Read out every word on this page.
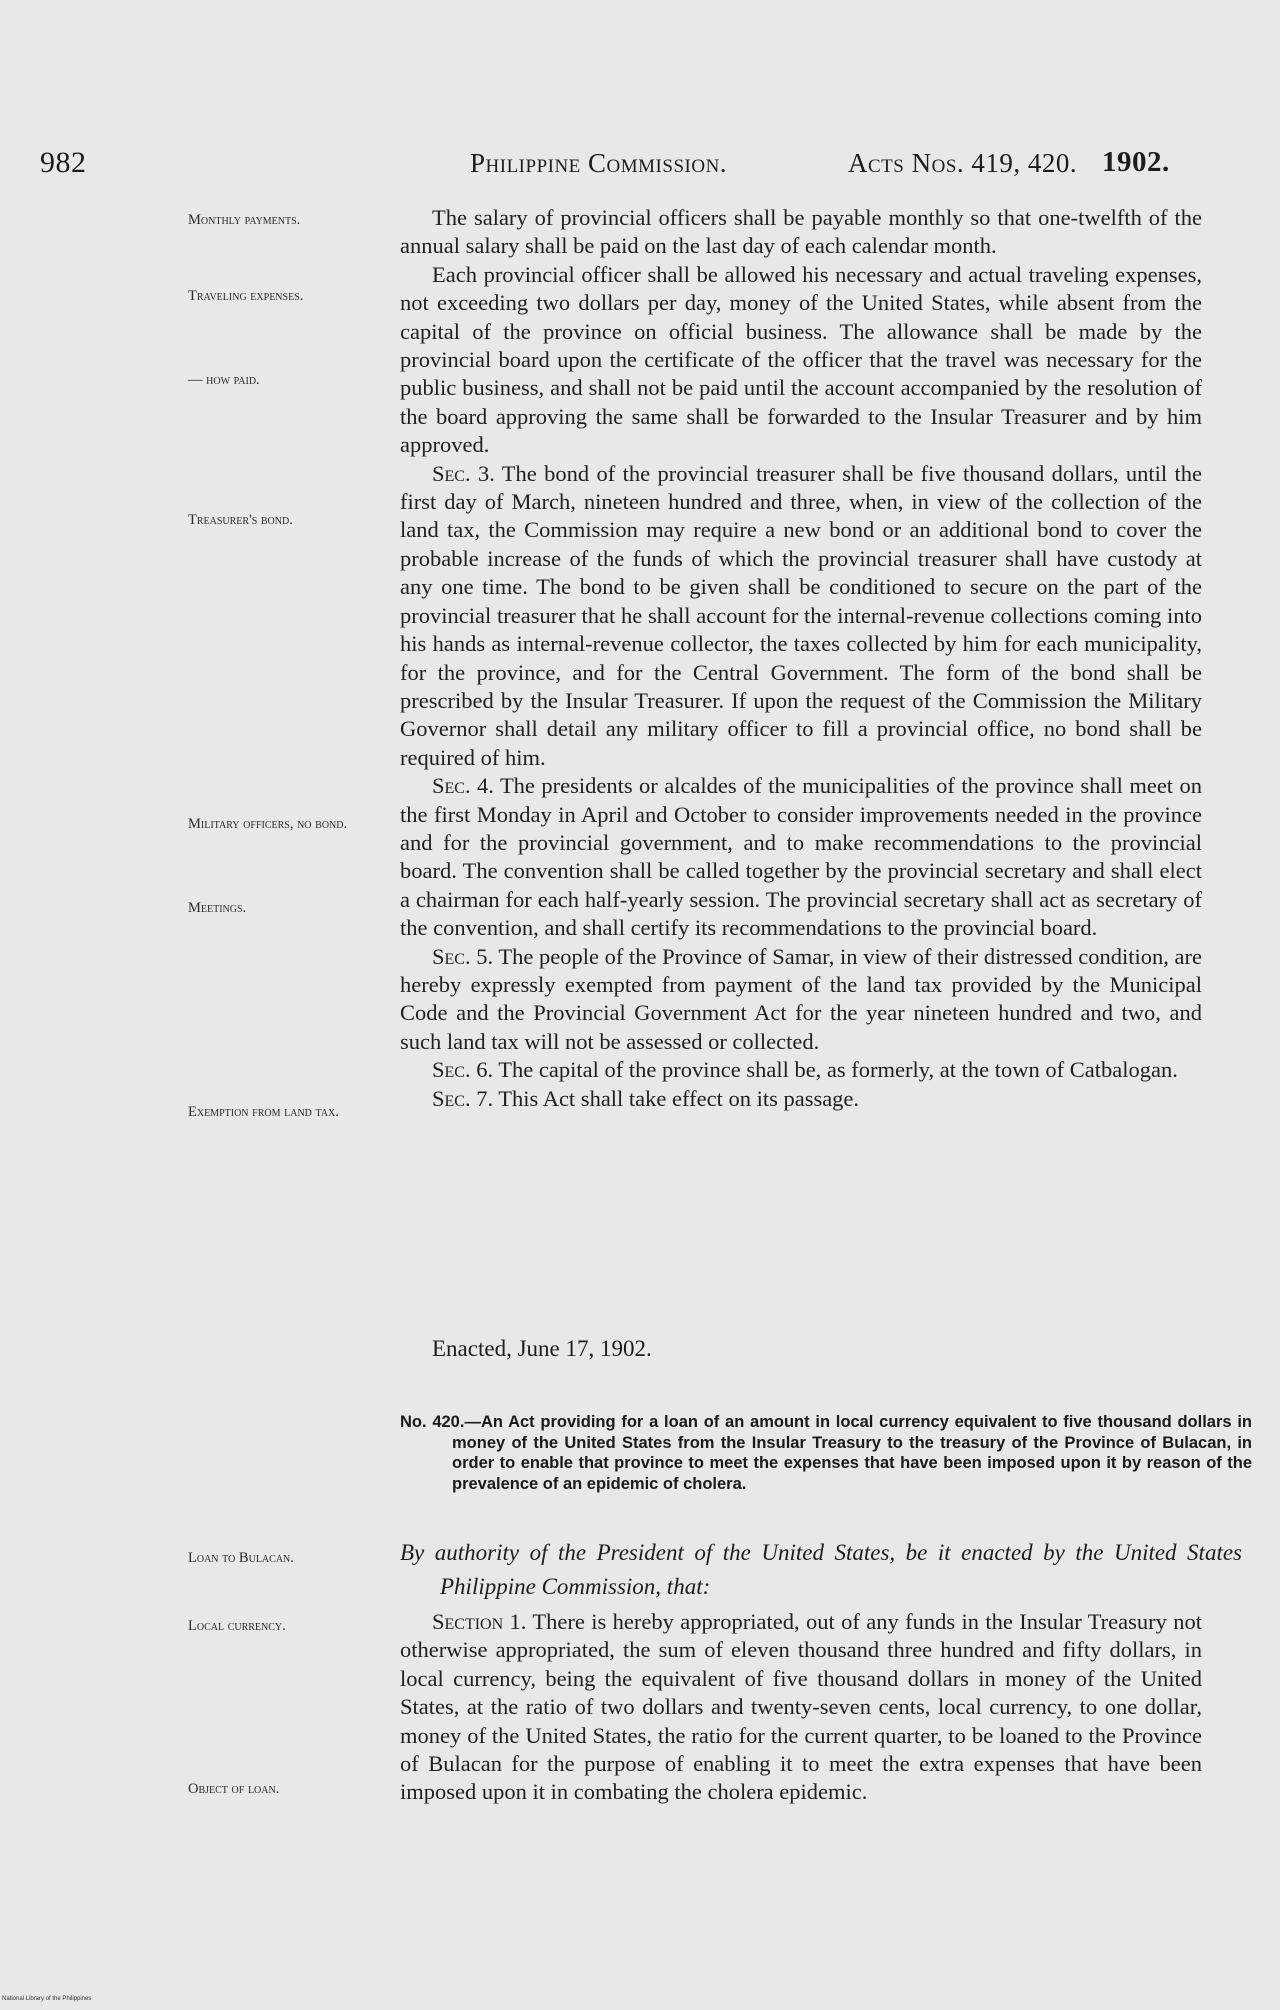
982	Philippine Commission.	Acts Nos. 419, 420. 1902.
Monthly payments.
Traveling expenses.
— how paid.
Treasurer's bond.
Military officers, no bond.
Meetings.
Exemption from land tax.
Loan to Bulacan.
Local currency.
Object of loan.

The salary of provincial officers shall be payable monthly so that one-twelfth of the annual salary shall be paid on the last day of each calendar month.

Each provincial officer shall be allowed his necessary and actual traveling expenses, not exceeding two dollars per day, money of the United States, while absent from the capital of the province on official business. The allowance shall be made by the provincial board upon the certificate of the officer that the travel was necessary for the public business, and shall not be paid until the account accompanied by the resolution of the board approving the same shall be forwarded to the Insular Treasurer and by him approved.

Sec. 3. The bond of the provincial treasurer shall be five thousand dollars, until the first day of March, nineteen hundred and three, when, in view of the collection of the land tax, the Commission may require a new bond or an additional bond to cover the probable increase of the funds of which the provincial treasurer shall have custody at any one time. The bond to be given shall be conditioned to secure on the part of the provincial treasurer that he shall account for the internal-revenue collections coming into his hands as internal-revenue collector, the taxes collected by him for each municipality, for the province, and for the Central Government. The form of the bond shall be prescribed by the Insular Treasurer. If upon the request of the Commission the Military Governor shall detail any military officer to fill a provincial office, no bond shall be required of him.

Sec. 4. The presidents or alcaldes of the municipalities of the province shall meet on the first Monday in April and October to consider improvements needed in the province and for the provincial government, and to make recommendations to the provincial board. The convention shall be called together by the provincial secretary and shall elect a chairman for each half-yearly session. The provincial secretary shall act as secretary of the convention, and shall certify its recommendations to the provincial board.

Sec. 5. The people of the Province of Samar, in view of their distressed condition, are hereby expressly exempted from payment of the land tax provided by the Municipal Code and the Provincial Government Act for the year nineteen hundred and two, and such land tax will not be assessed or collected.

Sec. 6. The capital of the province shall be, as formerly, at the town of Catbalogan.

Sec. 7. This Act shall take effect on its passage.

Enacted, June 17, 1902.
No. 420.—An Act providing for a loan of an amount in local currency equivalent to five thousand dollars in money of the United States from the Insular Treasury to the treasury of the Province of Bulacan, in order to enable that province to meet the expenses that have been imposed upon it by reason of the prevalence of an epidemic of cholera.
By authority of the President of the United States, be it enacted by the United States Philippine Commission, that:

Section 1. There is hereby appropriated, out of any funds in the Insular Treasury not otherwise appropriated, the sum of eleven thousand three hundred and fifty dollars, in local currency, being the equivalent of five thousand dollars in money of the United States, at the ratio of two dollars and twenty-seven cents, local currency, to one dollar, money of the United States, the ratio for the current quarter, to be loaned to the Province of Bulacan for the purpose of enabling it to meet the extra expenses that have been imposed upon it in combating the cholera epidemic.

National Library of the Philippines
